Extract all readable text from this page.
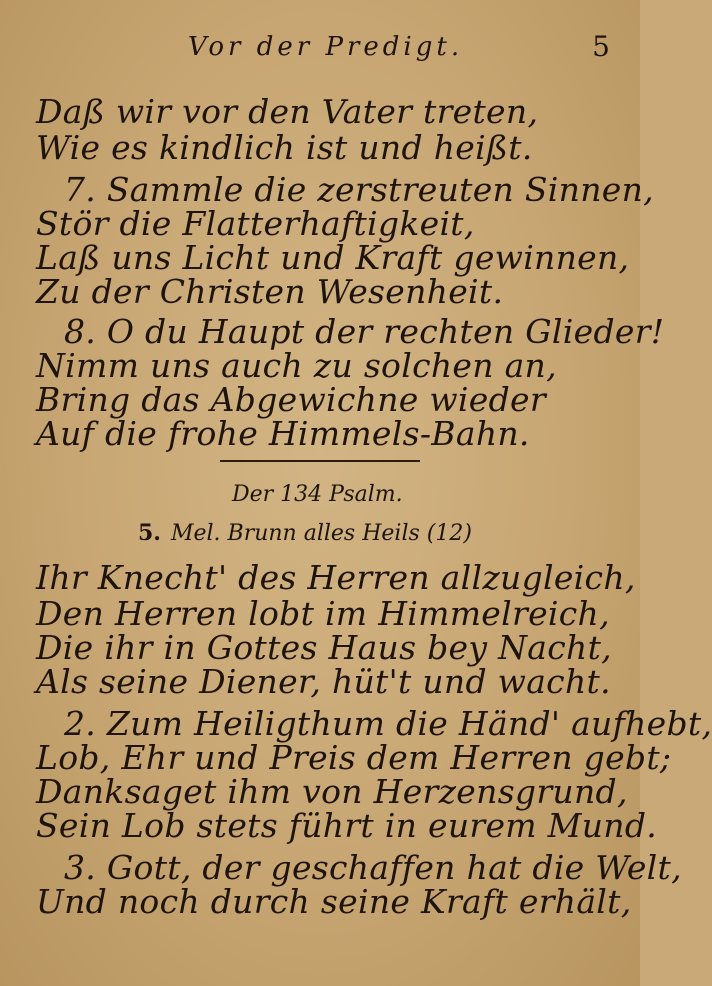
Vor der Predigt.	5
Daß wir vor den Vater treten,
Wie es kindlich ist und heißt.
7. Sammle die zerstreuten Sinnen,
Stör die Flatterhaftigkeit,
Laß uns Licht und Kraft gewinnen,
Zu der Christen Wesenheit.
8. O du Haupt der rechten Glieder!
Nimm uns auch zu solchen an,
Bring das Abgewichne wieder
Auf die frohe Himmels-Bahn.
Der 134 Psalm.
5. Mel. Brunn alles Heils (12)
Ihr Knecht' des Herren allzugleich,
Den Herren lobt im Himmelreich,
Die ihr in Gottes Haus bey Nacht,
Als seine Diener, hüt't und wacht.
2. Zum Heiligthum die Händ' aufhebt,
Lob, Ehr und Preis dem Herren gebt;
Danksaget ihm von Herzensgrund,
Sein Lob stets führt in eurem Mund.
3. Gott, der geschaffen hat die Welt,
Und noch durch seine Kraft erhält,
